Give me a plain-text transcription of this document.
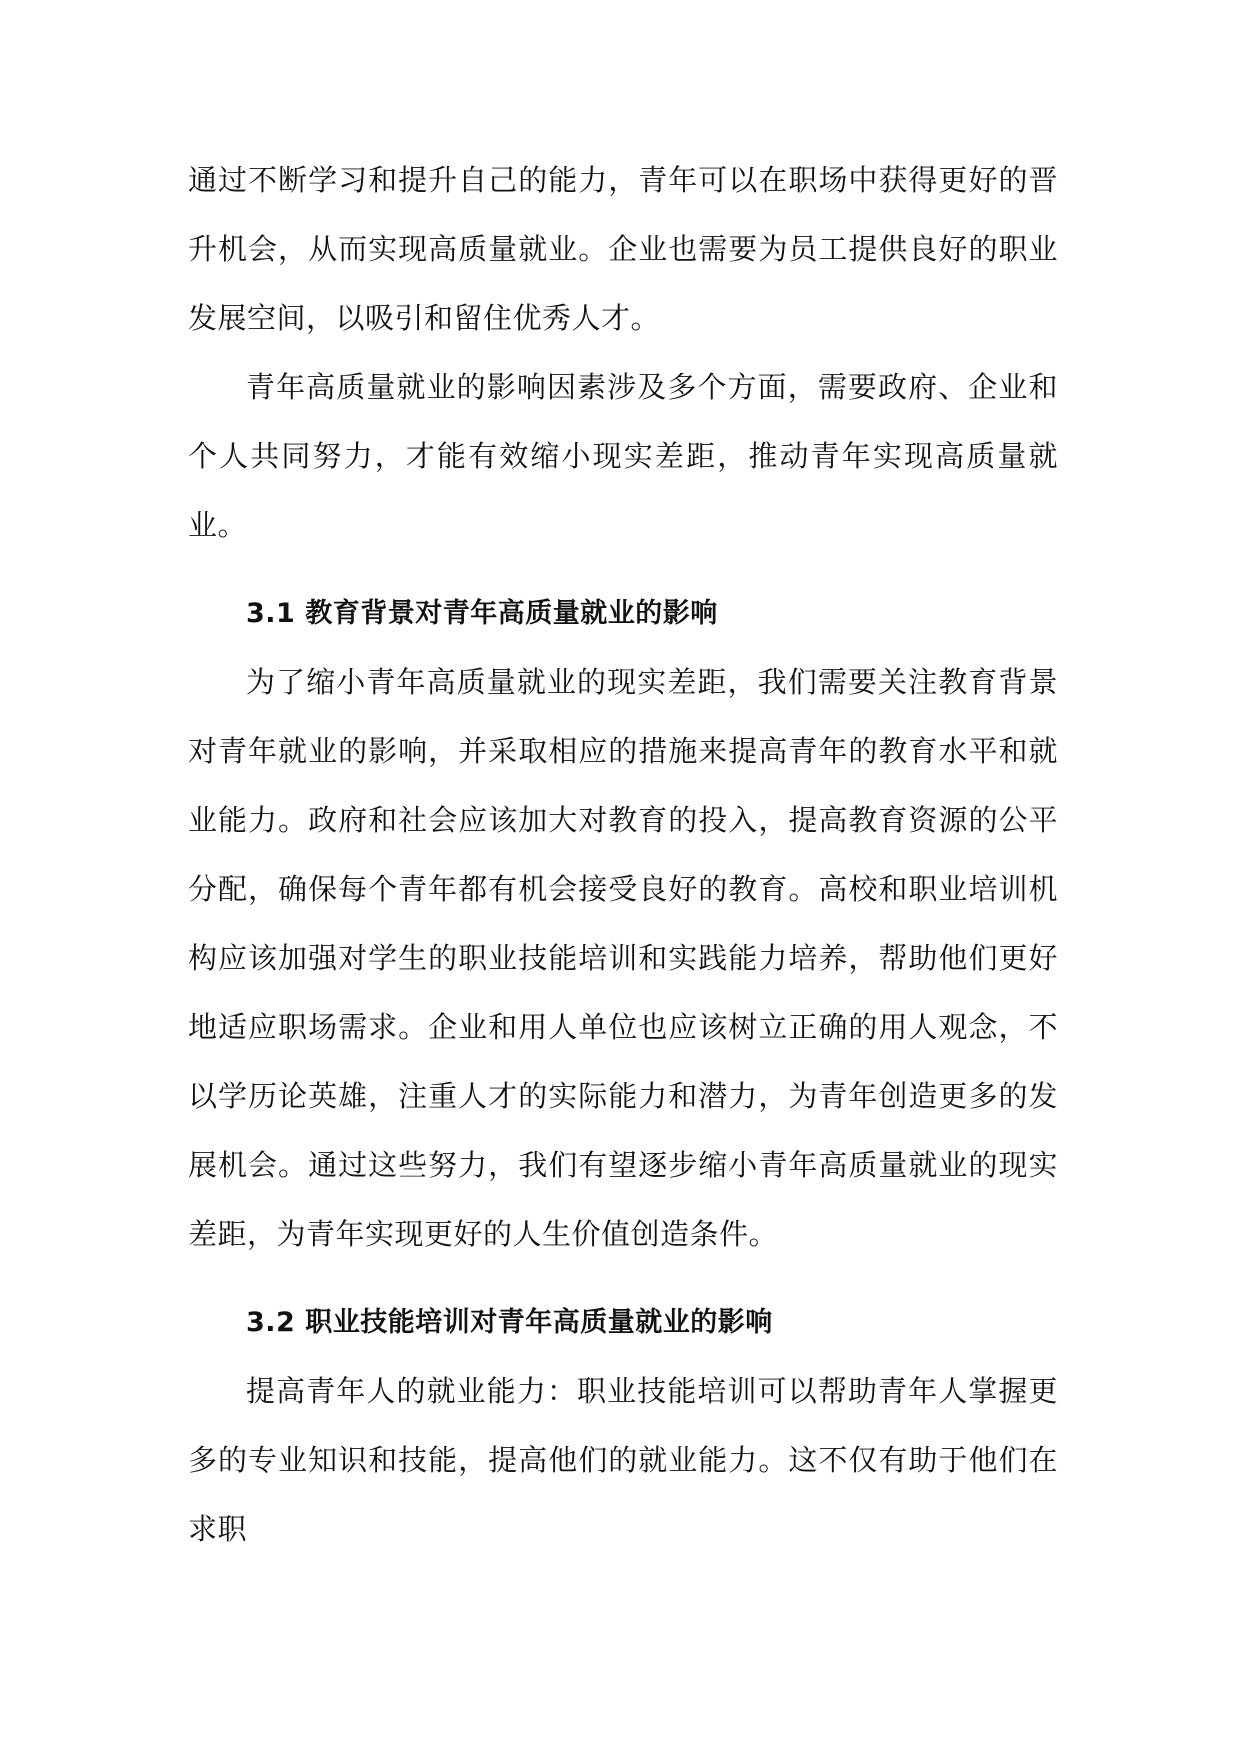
通过不断学习和提升自己的能力，青年可以在职场中获得更好的晋升机会，从而实现高质量就业。企业也需要为员工提供良好的职业发展空间，以吸引和留住优秀人才。

青年高质量就业的影响因素涉及多个方面，需要政府、企业和个人共同努力，才能有效缩小现实差距，推动青年实现高质量就业。

3.1 教育背景对青年高质量就业的影响

为了缩小青年高质量就业的现实差距，我们需要关注教育背景对青年就业的影响，并采取相应的措施来提高青年的教育水平和就业能力。政府和社会应该加大对教育的投入，提高教育资源的公平分配，确保每个青年都有机会接受良好的教育。高校和职业培训机构应该加强对学生的职业技能培训和实践能力培养，帮助他们更好地适应职场需求。企业和用人单位也应该树立正确的用人观念，不以学历论英雄，注重人才的实际能力和潜力，为青年创造更多的发展机会。通过这些努力，我们有望逐步缩小青年高质量就业的现实差距，为青年实现更好的人生价值创造条件。

3.2 职业技能培训对青年高质量就业的影响

提高青年人的就业能力：职业技能培训可以帮助青年人掌握更多的专业知识和技能，提高他们的就业能力。这不仅有助于他们在求职
